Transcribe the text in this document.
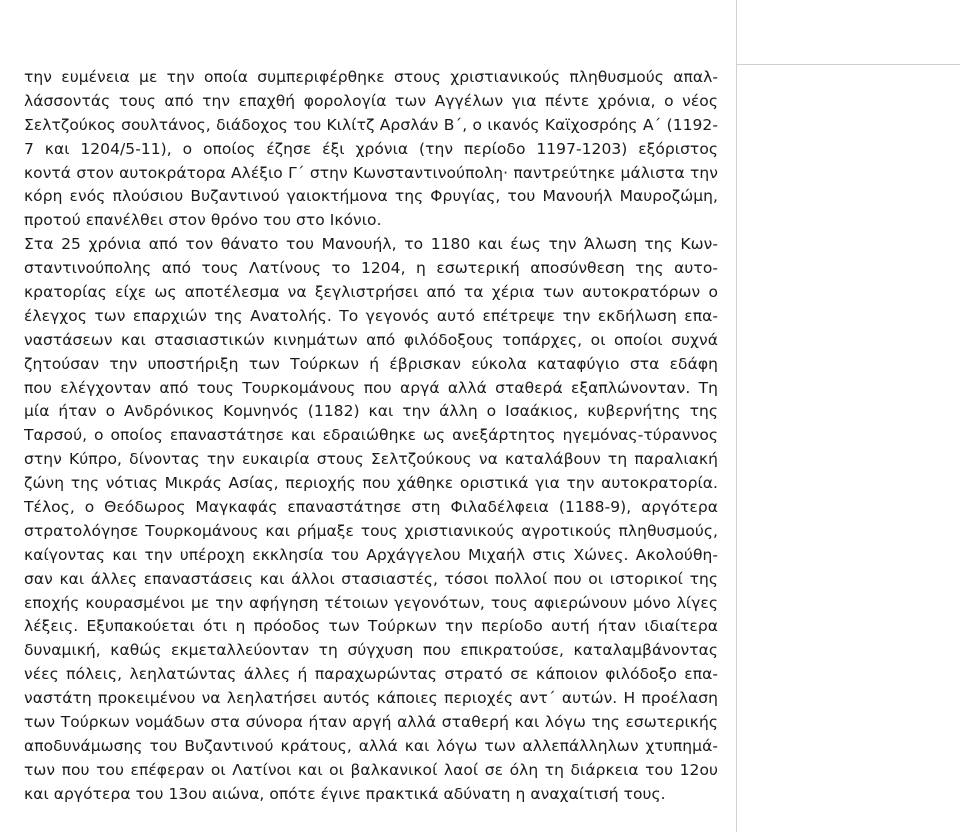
την ευμένεια με την οποία συμπεριφέρθηκε στους χριστιανικούς πληθυσμούς απαλ-
λάσσοντάς τους από την επαχθή φορολογία των Αγγέλων για πέντε χρόνια, ο νέος
Σελτζούκος σουλτάνος, διάδοχος του Κιλίτζ Αρσλάν Β΄, ο ικανός Καϊχοσρόης Α΄ (1192-
7 και 1204/5-11), ο οποίος έζησε έξι χρόνια (την περίοδο 1197-1203) εξόριστος
κοντά στον αυτοκράτορα Αλέξιο Γ΄ στην Κωνσταντινούπολη· παντρεύτηκε μάλιστα την
κόρη ενός πλούσιου Βυζαντινού γαιοκτήμονα της Φρυγίας, του Μανουήλ Μαυροζώμη,
προτού επανέλθει στον θρόνο του στο Ικόνιο.
Στα 25 χρόνια από τον θάνατο του Μανουήλ, το 1180 και έως την Άλωση της Κων-
σταντινούπολης από τους Λατίνους το 1204, η εσωτερική αποσύνθεση της αυτο-
κρατορίας είχε ως αποτέλεσμα να ξεγλιστρήσει από τα χέρια των αυτοκρατόρων ο
έλεγχος των επαρχιών της Ανατολής. Το γεγονός αυτό επέτρεψε την εκδήλωση επα-
ναστάσεων και στασιαστικών κινημάτων από φιλόδοξους τοπάρχες, οι οποίοι συχνά
ζητούσαν την υποστήριξη των Τούρκων ή έβρισκαν εύκολα καταφύγιο στα εδάφη
που ελέγχονταν από τους Τουρκομάνους που αργά αλλά σταθερά εξαπλώνονταν. Τη
μία ήταν ο Ανδρόνικος Κομνηνός (1182) και την άλλη ο Ισαάκιος, κυβερνήτης της
Ταρσού, ο οποίος επαναστάτησε και εδραιώθηκε ως ανεξάρτητος ηγεμόνας-τύραννος
στην Κύπρο, δίνοντας την ευκαιρία στους Σελτζούκους να καταλάβουν τη παραλιακή
ζώνη της νότιας Μικράς Ασίας, περιοχής που χάθηκε οριστικά για την αυτοκρατορία.
Τέλος, ο Θεόδωρος Μαγκαφάς επαναστάτησε στη Φιλαδέλφεια (1188-9), αργότερα
στρατολόγησε Τουρκομάνους και ρήμαξε τους χριστιανικούς αγροτικούς πληθυσμούς,
καίγοντας και την υπέροχη εκκλησία του Αρχάγγελου Μιχαήλ στις Χώνες. Ακολούθη-
σαν και άλλες επαναστάσεις και άλλοι στασιαστές, τόσοι πολλοί που οι ιστορικοί της
εποχής κουρασμένοι με την αφήγηση τέτοιων γεγονότων, τους αφιερώνουν μόνο λίγες
λέξεις. Εξυπακούεται ότι η πρόοδος των Τούρκων την περίοδο αυτή ήταν ιδιαίτερα
δυναμική, καθώς εκμεταλλεύονταν τη σύγχυση που επικρατούσε, καταλαμβάνοντας
νέες πόλεις, λεηλατώντας άλλες ή παραχωρώντας στρατό σε κάποιον φιλόδοξο επα-
ναστάτη προκειμένου να λεηλατήσει αυτός κάποιες περιοχές αντ΄ αυτών. Η προέλαση
των Τούρκων νομάδων στα σύνορα ήταν αργή αλλά σταθερή και λόγω της εσωτερικής
αποδυνάμωσης του Βυζαντινού κράτους, αλλά και λόγω των αλλεπάλληλων χτυπημά-
των που του επέφεραν οι Λατίνοι και οι βαλκανικοί λαοί σε όλη τη διάρκεια του 12ου
και αργότερα του 13ου αιώνα, οπότε έγινε πρακτικά αδύνατη η αναχαίτισή τους.
